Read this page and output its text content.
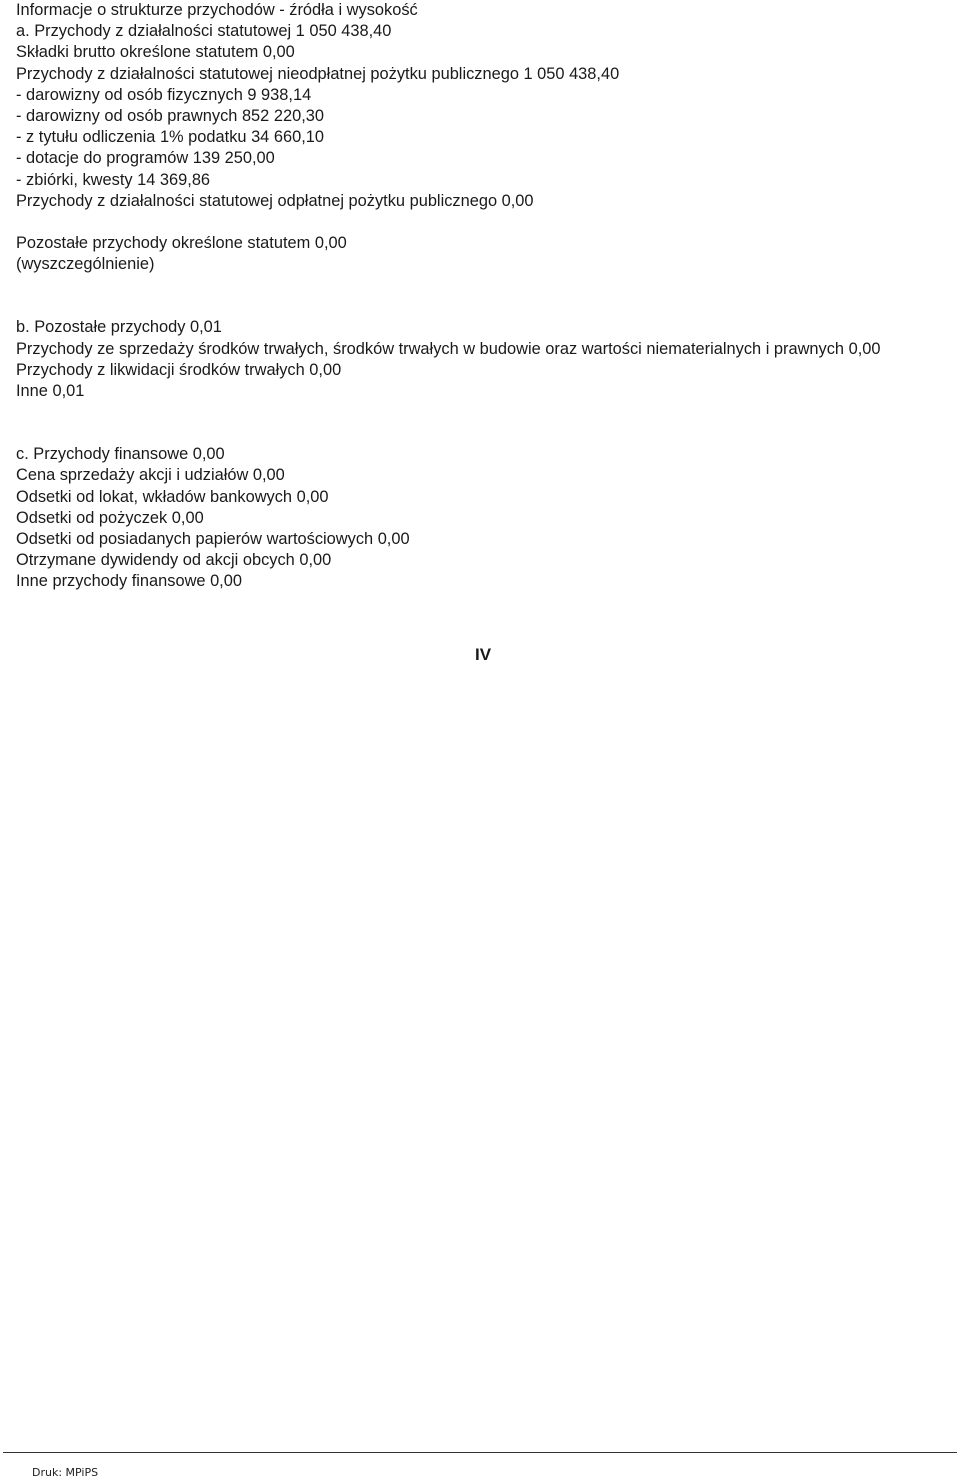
Informacje o strukturze przychodów - źródła i wysokość

a. Przychody z działalności statutowej 1 050 438,40

Składki brutto określone statutem 0,00

Przychody z działalności statutowej nieodpłatnej pożytku publicznego 1 050 438,40

- darowizny od osób fizycznych 9 938,14

- darowizny od osób prawnych 852 220,30

- z tytułu odliczenia 1% podatku 34 660,10

- dotacje do programów 139 250,00

- zbiórki, kwesty 14 369,86

Przychody z działalności statutowej odpłatnej pożytku publicznego 0,00

Pozostałe przychody określone statutem 0,00

(wyszczególnienie)

b. Pozostałe przychody 0,01

Przychody ze sprzedaży środków trwałych, środków trwałych w budowie oraz wartości niematerialnych i prawnych 0,00

Przychody z likwidacji środków trwałych 0,00

Inne 0,01

c. Przychody finansowe 0,00

Cena sprzedaży akcji i udziałów 0,00

Odsetki od lokat, wkładów bankowych 0,00

Odsetki od pożyczek 0,00

Odsetki od posiadanych papierów wartościowych 0,00

Otrzymane dywidendy od akcji obcych 0,00

Inne przychody finansowe 0,00

IV
Druk: MPiPS
